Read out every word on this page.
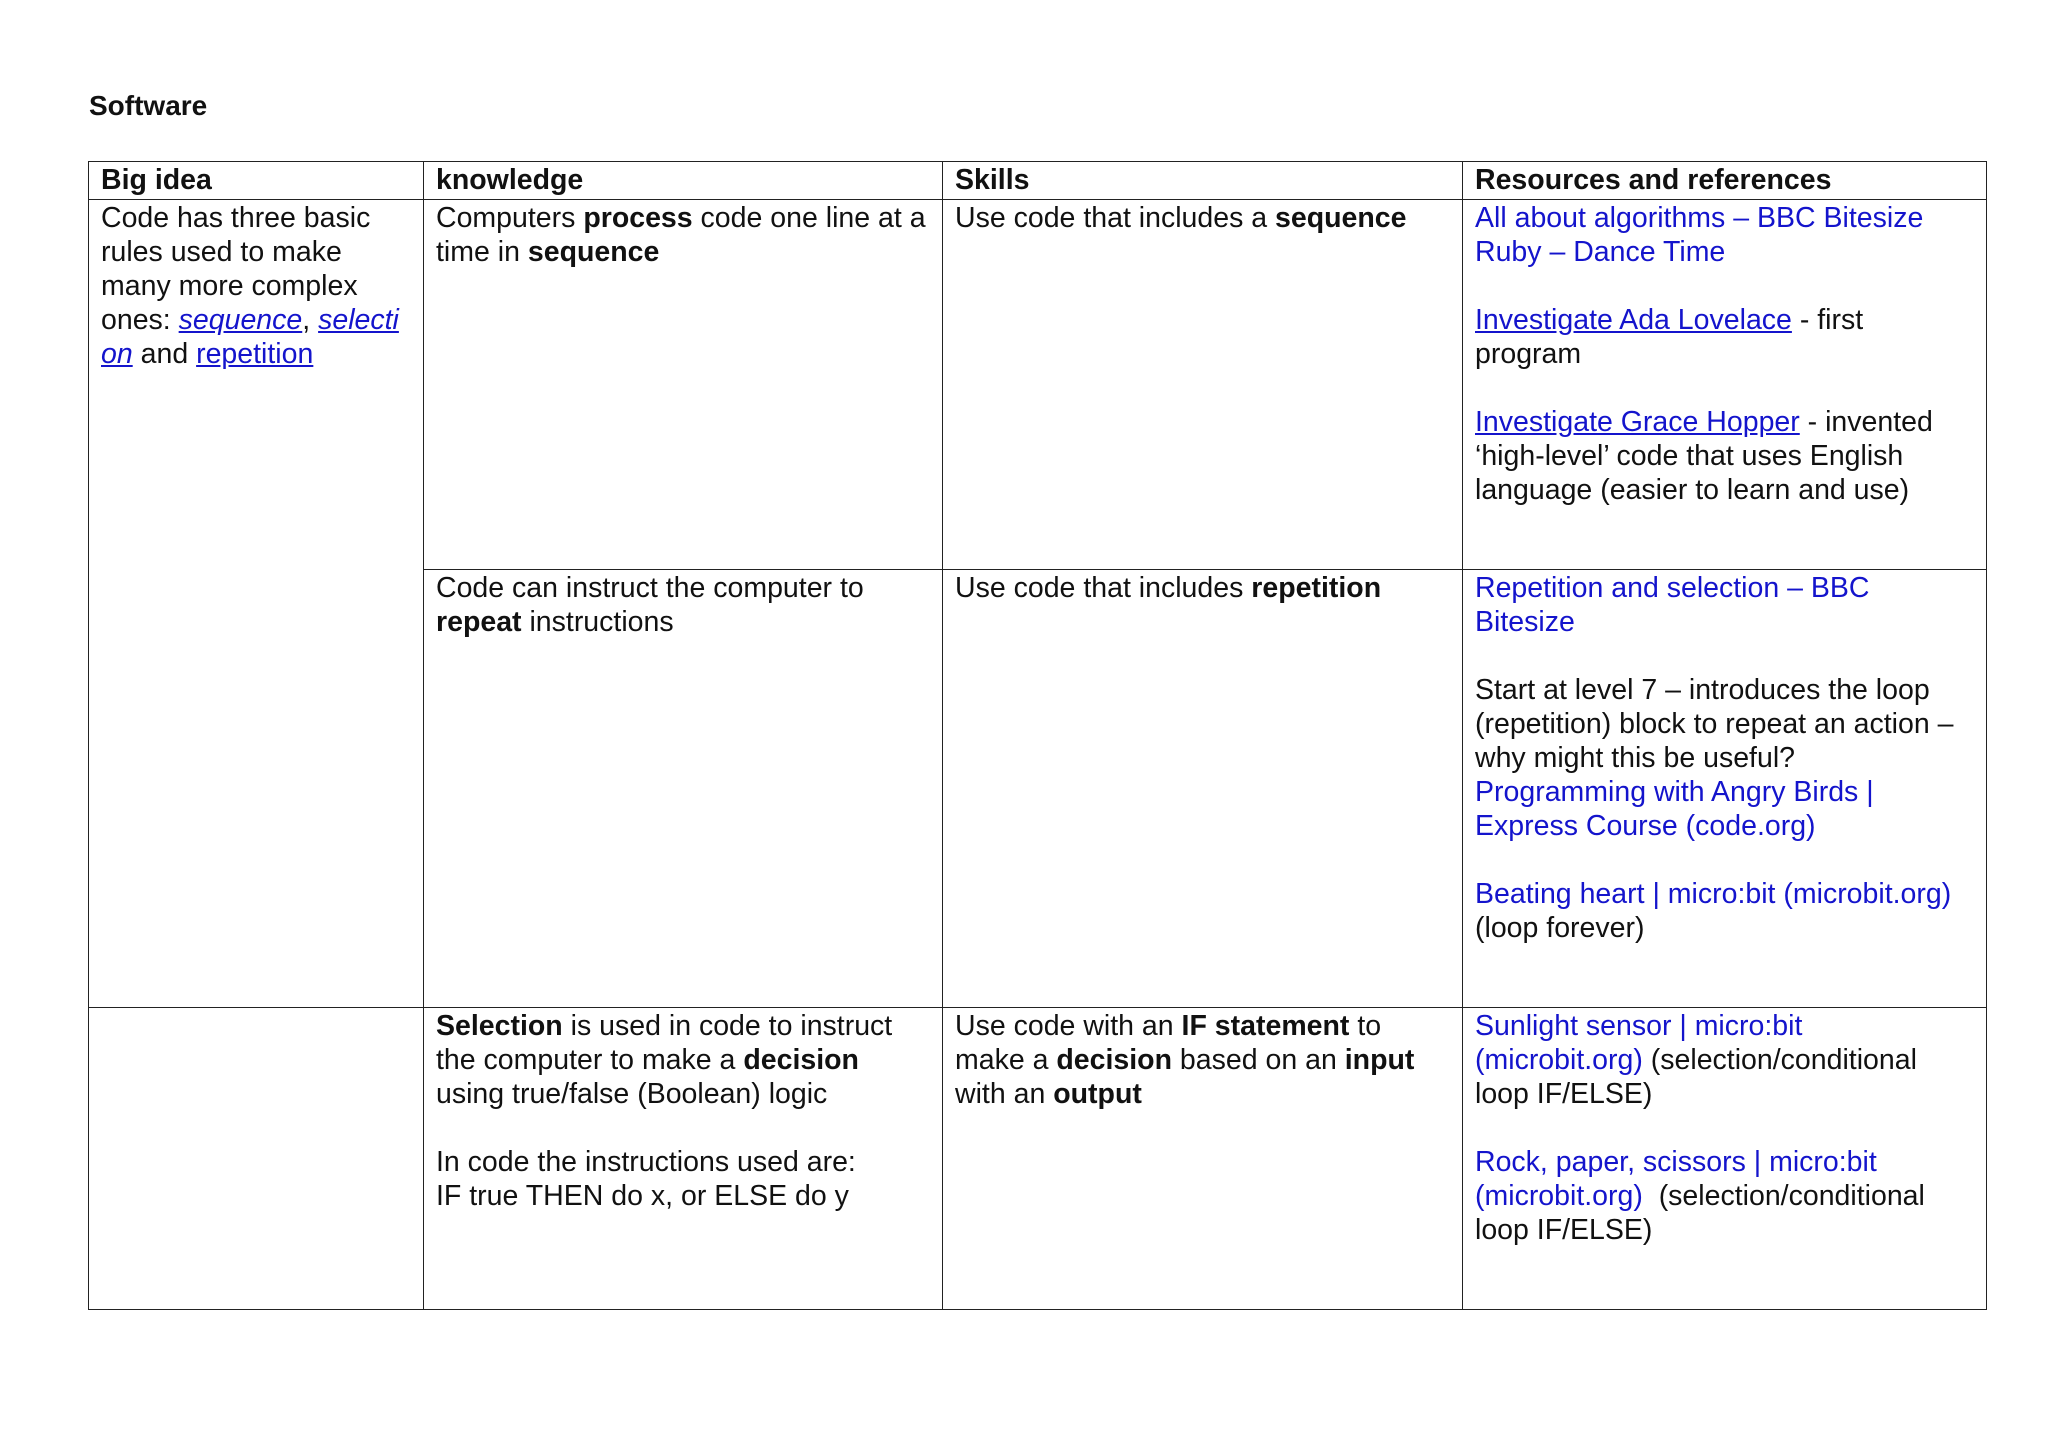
Software
Big idea	knowledge	Skills	Resources and references
Code has three basic rules used to make many more complex ones: sequence, selection and repetition	Computers process code one line at a time in sequence	Use code that includes a sequence	All about algorithms – BBC Bitesize
Ruby – Dance Time
Investigate Ada Lovelace - first program
Investigate Grace Hopper - invented ‘high-level’ code that uses English language (easier to learn and use)

	Code can instruct the computer to repeat instructions	Use code that includes repetition	Repetition and selection – BBC Bitesize
Start at level 7 – introduces the loop (repetition) block to repeat an action – why might this be useful?
Programming with Angry Birds | Express Course (code.org)
Beating heart | micro:bit (microbit.org)
(loop forever)

	Selection is used in code to instruct the computer to make a decision using true/false (Boolean) logic
In code the instructions used are:
IF true THEN do x, or ELSE do y	Use code with an IF statement to make a decision based on an input with an output	Sunlight sensor | micro:bit (microbit.org) (selection/conditional loop IF/ELSE)
Rock, paper, scissors | micro:bit (microbit.org)  (selection/conditional loop IF/ELSE)
